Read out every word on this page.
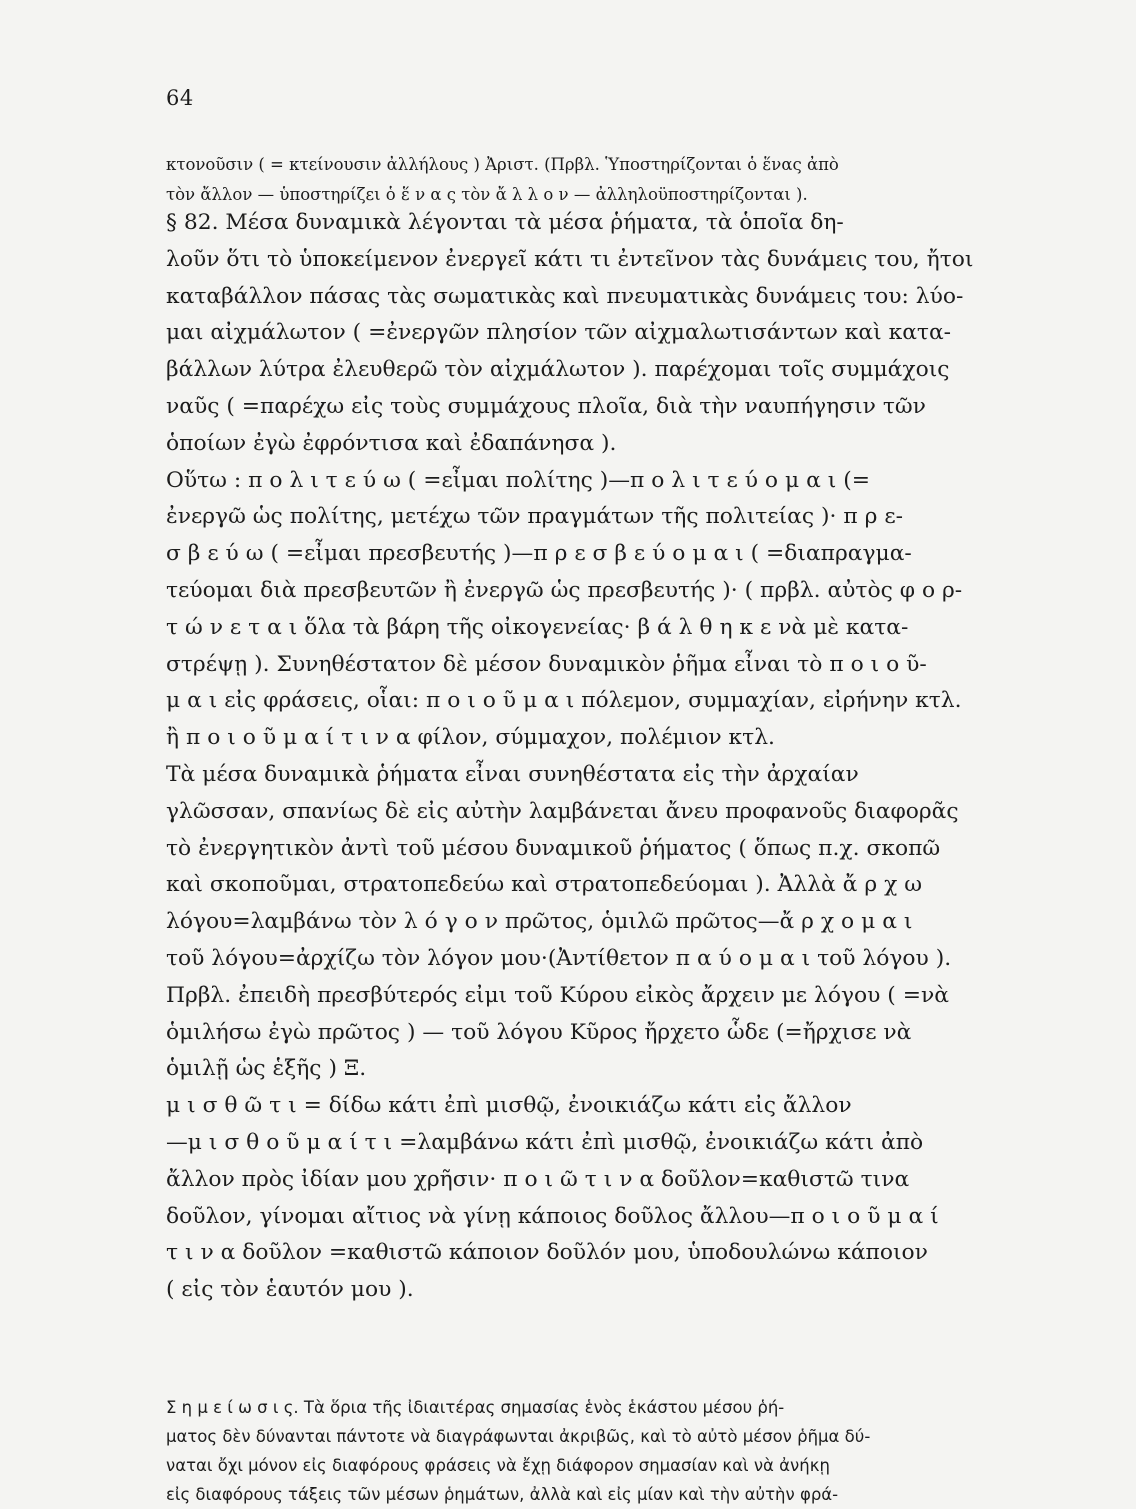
64
κτονοῦσιν ( = κτείνουσιν ἀλλήλους ) Ἀριστ. (Πρβλ. Ὑποστηρίζονται ὁ ἕνας ἀπὸ
τὸν ἄλλον — ὑποστηρίζει ὁ ἕ ν α ς τὸν ἄ λ λ ο ν — ἀλληλοϋποστηρίζονται ).
§ 82. Μέσα δυναμικὰ λέγονται τὰ μέσα ῥήματα, τὰ ὁποῖα δη-
λοῦν ὅτι τὸ ὑποκείμενον ἐνεργεῖ κάτι τι ἐντεῖνον τὰς δυνάμεις του, ἤτοι
καταβάλλον πάσας τὰς σωματικὰς καὶ πνευματικὰς δυνάμεις του: λύο-
μαι αἰχμάλωτον ( =ἐνεργῶν πλησίον τῶν αἰχμαλωτισάντων καὶ κατα-
βάλλων λύτρα ἐλευθερῶ τὸν αἰχμάλωτον ). παρέχομαι τοῖς συμμάχοις
ναῦς ( =παρέχω εἰς τοὺς συμμάχους πλοῖα, διὰ τὴν ναυπήγησιν τῶν
ὁποίων ἐγὼ ἐφρόντισα καὶ ἐδαπάνησα ).
Οὕτω : π ο λ ι τ ε ύ ω ( =εἶμαι πολίτης )—π ο λ ι τ ε ύ ο μ α ι (=
ἐνεργῶ ὡς πολίτης, μετέχω τῶν πραγμάτων τῆς πολιτείας )· π ρ ε-
σ β ε ύ ω ( =εἶμαι πρεσβευτής )—π ρ ε σ β ε ύ ο μ α ι ( =διαπραγμα-
τεύομαι διὰ πρεσβευτῶν ἢ ἐνεργῶ ὡς πρεσβευτής )· ( πρβλ. αὐτὸς φ ο ρ-
τ ώ ν ε τ α ι ὅλα τὰ βάρη τῆς οἰκογενείας· β ά λ θ η κ ε νὰ μὲ κατα-
στρέψῃ ). Συνηθέστατον δὲ μέσον δυναμικὸν ῥῆμα εἶναι τὸ π ο ι ο ῦ-
μ α ι εἰς φράσεις, οἷαι: π ο ι ο ῦ μ α ι πόλεμον, συμμαχίαν, εἰρήνην κτλ.
ἢ π ο ι ο ῦ μ α ί τ ι ν α φίλον, σύμμαχον, πολέμιον κτλ.
Τὰ μέσα δυναμικὰ ῥήματα εἶναι συνηθέστατα εἰς τὴν ἀρχαίαν
γλῶσσαν, σπανίως δὲ εἰς αὐτὴν λαμβάνεται ἄνευ προφανοῦς διαφορᾶς
τὸ ἐνεργητικὸν ἀντὶ τοῦ μέσου δυναμικοῦ ῥήματος ( ὅπως π.χ. σκοπῶ
καὶ σκοποῦμαι, στρατοπεδεύω καὶ στρατοπεδεύομαι ). Ἀλλὰ ἄ ρ χ ω
λόγου=λαμβάνω τὸν λ ό γ ο ν πρῶτος, ὁμιλῶ πρῶτος—ἄ ρ χ ο μ α ι
τοῦ λόγου=ἀρχίζω τὸν λόγον μου·(Ἀντίθετον π α ύ ο μ α ι τοῦ λόγου ).
Πρβλ. ἐπειδὴ πρεσβύτερός εἰμι τοῦ Κύρου εἰκὸς ἄρχειν με λόγου ( =νὰ
ὁμιλήσω ἐγὼ πρῶτος ) — τοῦ λόγου Κῦρος ἤρχετο ὧδε (=ἤρχισε νὰ
ὁμιλῇ ὡς ἑξῆς ) Ξ.
μ ι σ θ ῶ τ ι = δίδω κάτι ἐπὶ μισθῷ, ἐνοικιάζω κάτι εἰς ἄλλον
—μ ι σ θ ο ῦ μ α ί τ ι =λαμβάνω κάτι ἐπὶ μισθῷ, ἐνοικιάζω κάτι ἀπὸ
ἄλλον πρὸς ἰδίαν μου χρῆσιν· π ο ι ῶ τ ι ν α δοῦλον=καθιστῶ τινα
δοῦλον, γίνομαι αἴτιος νὰ γίνῃ κάποιος δοῦλος ἄλλου—π ο ι ο ῦ μ α ί
τ ι ν α δοῦλον =καθιστῶ κάποιον δοῦλόν μου, ὑποδουλώνω κάποιον
( εἰς τὸν ἑαυτόν μου ).
Σ η μ ε ί ω σ ι ς. Τὰ ὅρια τῆς ἰδιαιτέρας σημασίας ἑνὸς ἑκάστου μέσου ῥή-
ματος δὲν δύνανται πάντοτε νὰ διαγράφωνται ἀκριβῶς, καὶ τὸ αὐτὸ μέσον ῥῆμα δύ-
ναται ὄχι μόνον εἰς διαφόρους φράσεις νὰ ἔχῃ διάφορον σημασίαν καὶ νὰ ἀνήκῃ
εἰς διαφόρους τάξεις τῶν μέσων ῥημάτων, ἀλλὰ καὶ εἰς μίαν καὶ τὴν αὐτὴν φρά-
